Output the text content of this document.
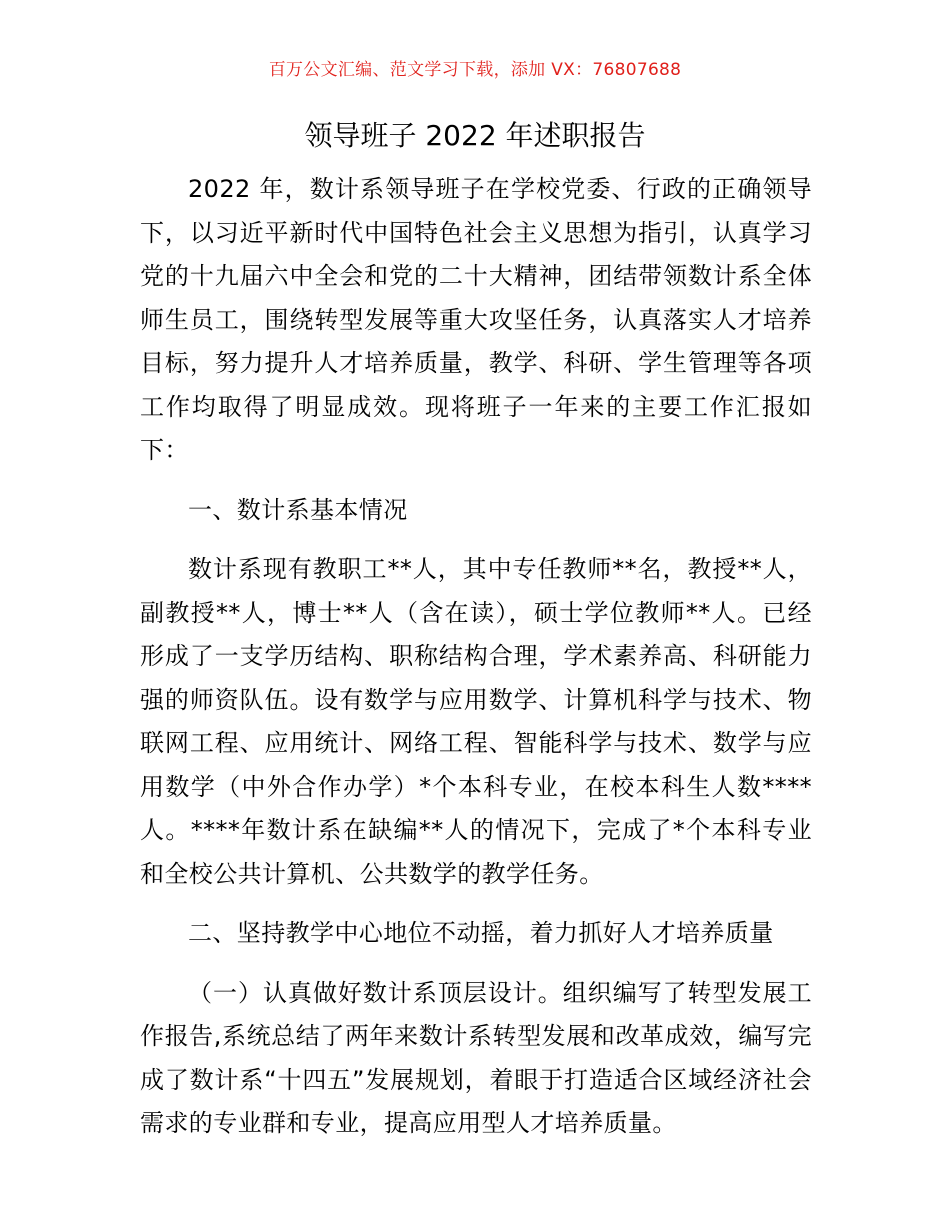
百万公文汇编、范文学习下载，添加 VX：76807688
领导班子 2022 年述职报告

2022 年，数计系领导班子在学校党委、行政的正确领导下，以习近平新时代中国特色社会主义思想为指引，认真学习党的十九届六中全会和党的二十大精神，团结带领数计系全体师生员工，围绕转型发展等重大攻坚任务，认真落实人才培养目标，努力提升人才培养质量，教学、科研、学生管理等各项工作均取得了明显成效。现将班子一年来的主要工作汇报如下：

一、数计系基本情况

数计系现有教职工**人，其中专任教师**名，教授**人，副教授**人，博士**人（含在读），硕士学位教师**人。已经形成了一支学历结构、职称结构合理，学术素养高、科研能力强的师资队伍。设有数学与应用数学、计算机科学与技术、物联网工程、应用统计、网络工程、智能科学与技术、数学与应用数学（中外合作办学）*个本科专业，在校本科生人数****人。****年数计系在缺编**人的情况下，完成了*个本科专业和全校公共计算机、公共数学的教学任务。

二、坚持教学中心地位不动摇，着力抓好人才培养质量

（一）认真做好数计系顶层设计。组织编写了转型发展工作报告,系统总结了两年来数计系转型发展和改革成效，编写完成了数计系“十四五”发展规划，着眼于打造适合区域经济社会需求的专业群和专业，提高应用型人才培养质量。
